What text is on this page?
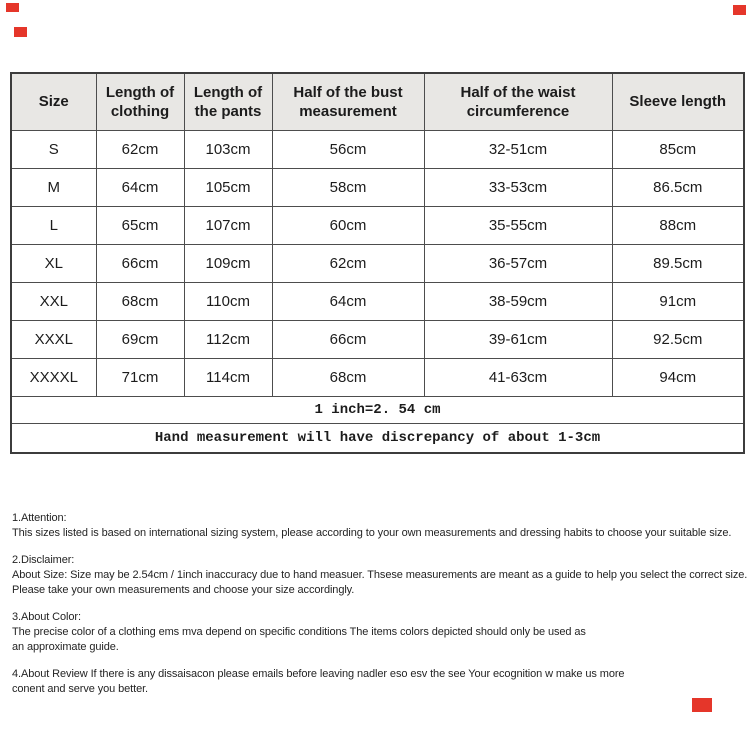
Size	Length of clothing	Length of the pants	Half of the bust measurement	Half of the waist circumference	Sleeve length
S	62cm	103cm	56cm	32-51cm	85cm
M	64cm	105cm	58cm	33-53cm	86.5cm
L	65cm	107cm	60cm	35-55cm	88cm
XL	66cm	109cm	62cm	36-57cm	89.5cm
XXL	68cm	110cm	64cm	38-59cm	91cm
XXXL	69cm	112cm	66cm	39-61cm	92.5cm
XXXXL	71cm	114cm	68cm	41-63cm	94cm
1 inch=2. 54 cm					
Hand measurement will have discrepancy of about 1-3cm					
1.Attention:
This sizes listed is based on international sizing system, please according to your own measurements and dressing habits to choose your suitable size.
2.Disclaimer:
About Size: Size may be 2.54cm / 1inch inaccuracy due to hand measuer. Thsese measurements are meant as a guide to help you select the correct size.
Please take your own measurements and choose your size accordingly.
3.About Color:
The precise color of a clothing ems mva depend on specific conditions The items colors depicted should only be used as
an approximate guide.
4.About Review If there is any dissaisacon please emails before leaving nadler eso esv the see Your ecognition w make us more
conent and serve you better.
